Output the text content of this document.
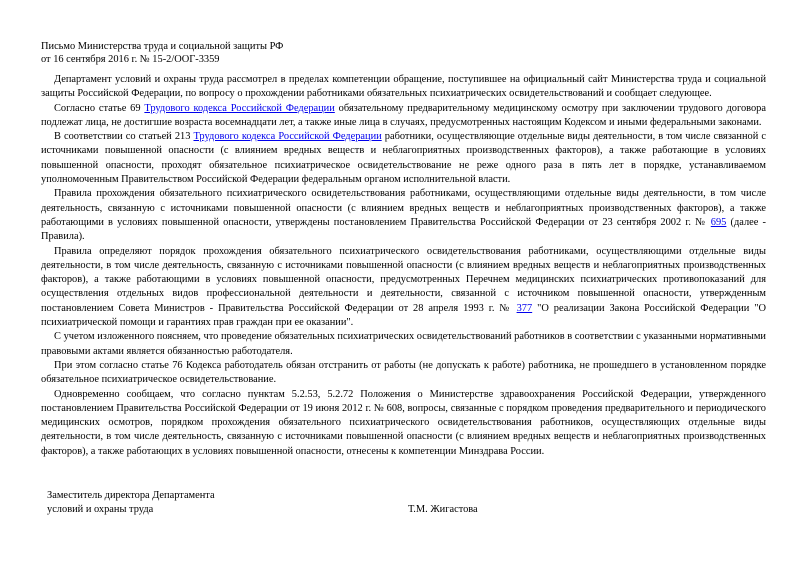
Письмо Министерства труда и социальной защиты РФ
от 16 сентября 2016 г. № 15-2/ООГ-3359

Департамент условий и охраны труда рассмотрел в пределах компетенции обращение, поступившее на официальный сайт Министерства труда и социальной защиты Российской Федерации, по вопросу о прохождении работниками обязательных психиатрических освидетельствований и сообщает следующее.

Согласно статье 69 Трудового кодекса Российской Федерации обязательному предварительному медицинскому осмотру при заключении трудового договора подлежат лица, не достигшие возраста восемнадцати лет, а также иные лица в случаях, предусмотренных настоящим Кодексом и иными федеральными законами.

В соответствии со статьей 213 Трудового кодекса Российской Федерации работники, осуществляющие отдельные виды деятельности, в том числе связанной с источниками повышенной опасности (с влиянием вредных веществ и неблагоприятных производственных факторов), а также работающие в условиях повышенной опасности, проходят обязательное психиатрическое освидетельствование не реже одного раза в пять лет в порядке, устанавливаемом уполномоченным Правительством Российской Федерации федеральным органом исполнительной власти.

Правила прохождения обязательного психиатрического освидетельствования работниками, осуществляющими отдельные виды деятельности, в том числе деятельность, связанную с источниками повышенной опасности (с влиянием вредных веществ и неблагоприятных производственных факторов), а также работающими в условиях повышенной опасности, утверждены постановлением Правительства Российской Федерации от 23 сентября 2002 г. № 695 (далее - Правила).

Правила определяют порядок прохождения обязательного психиатрического освидетельствования работниками, осуществляющими отдельные виды деятельности, в том числе деятельность, связанную с источниками повышенной опасности (с влиянием вредных веществ и неблагоприятных производственных факторов), а также работающими в условиях повышенной опасности, предусмотренных Перечнем медицинских психиатрических противопоказаний для осуществления отдельных видов профессиональной деятельности и деятельности, связанной с источником повышенной опасности, утвержденным постановлением Совета Министров - Правительства Российской Федерации от 28 апреля 1993 г. № 377 "О реализации Закона Российской Федерации "О психиатрической помощи и гарантиях прав граждан при ее оказании".

С учетом изложенного поясняем, что проведение обязательных психиатрических освидетельствований работников в соответствии с указанными нормативными правовыми актами является обязанностью работодателя.

При этом согласно статье 76 Кодекса работодатель обязан отстранить от работы (не допускать к работе) работника, не прошедшего в установленном порядке обязательное психиатрическое освидетельствование.

Одновременно сообщаем, что согласно пунктам 5.2.53, 5.2.72 Положения о Министерстве здравоохранения Российской Федерации, утвержденного постановлением Правительства Российской Федерации от 19 июня 2012 г. № 608, вопросы, связанные с порядком проведения предварительного и периодического медицинских осмотров, порядком прохождения обязательного психиатрического освидетельствования работников, осуществляющих отдельные виды деятельности, в том числе деятельность, связанную с источниками повышенной опасности (с влиянием вредных веществ и неблагоприятных производственных факторов), а также работающих в условиях повышенной опасности, отнесены к компетенции Минздрава России.

Заместитель директора Департамента
условий и охраны труда	Т.М. Жигастова
